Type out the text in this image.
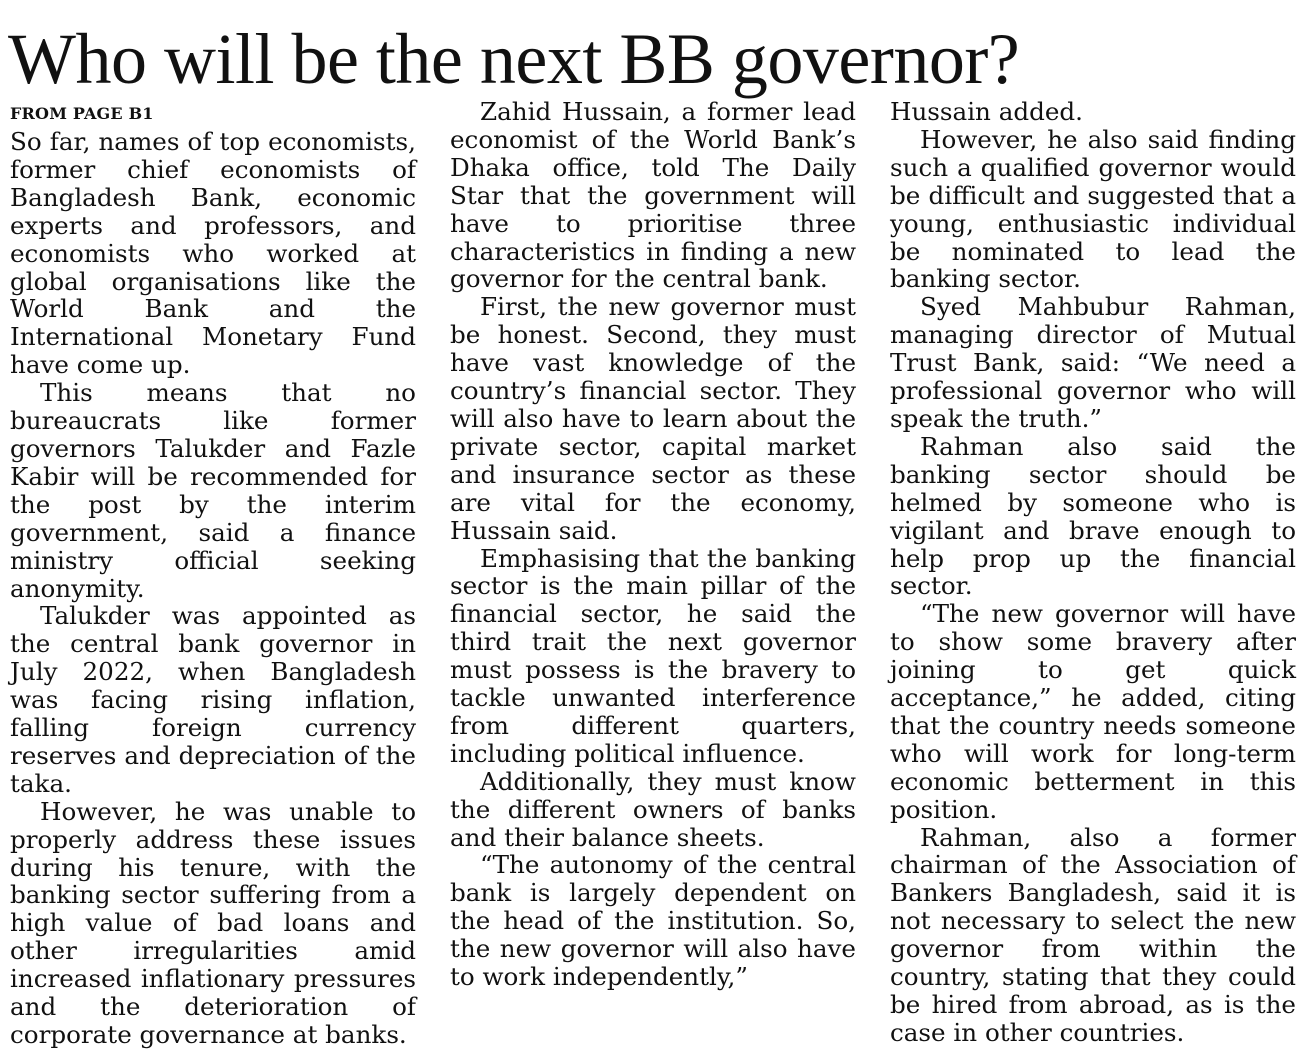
Who will be the next BB governor?
FROM PAGE B1

So far, names of top economists, former chief economists of Bangladesh Bank, economic experts and professors, and economists who worked at global organisations like the World Bank and the International Monetary Fund have come up.

This means that no bureaucrats like former governors Talukder and Fazle Kabir will be recommended for the post by the interim government, said a finance ministry official seeking anonymity.

Talukder was appointed as the central bank governor in July 2022, when Bangladesh was facing rising inflation, falling foreign currency reserves and depreciation of the taka.

However, he was unable to properly address these issues during his tenure, with the banking sector suffering from a high value of bad loans and other irregularities amid increased inflationary pressures and the deterioration of corporate governance at banks.

Zahid Hussain, a former lead economist of the World Bank’s Dhaka office, told The Daily Star that the government will have to prioritise three characteristics in finding a new governor for the central bank.

First, the new governor must be honest. Second, they must have vast knowledge of the country’s financial sector. They will also have to learn about the private sector, capital market and insurance sector as these are vital for the economy, Hussain said.

Emphasising that the banking sector is the main pillar of the financial sector, he said the third trait the next governor must possess is the bravery to tackle unwanted interference from different quarters, including political influence.

Additionally, they must know the different owners of banks and their balance sheets.

“The autonomy of the central bank is largely dependent on the head of the institution. So, the new governor will also have to work independently,”

Hussain added.

However, he also said finding such a qualified governor would be difficult and suggested that a young, enthusiastic individual be nominated to lead the banking sector.

Syed Mahbubur Rahman, managing director of Mutual Trust Bank, said: “We need a professional governor who will speak the truth.”

Rahman also said the banking sector should be helmed by someone who is vigilant and brave enough to help prop up the financial sector.

“The new governor will have to show some bravery after joining to get quick acceptance,” he added, citing that the country needs someone who will work for long-term economic betterment in this position.

Rahman, also a former chairman of the Association of Bankers Bangladesh, said it is not necessary to select the new governor from within the country, stating that they could be hired from abroad, as is the case in other countries.
